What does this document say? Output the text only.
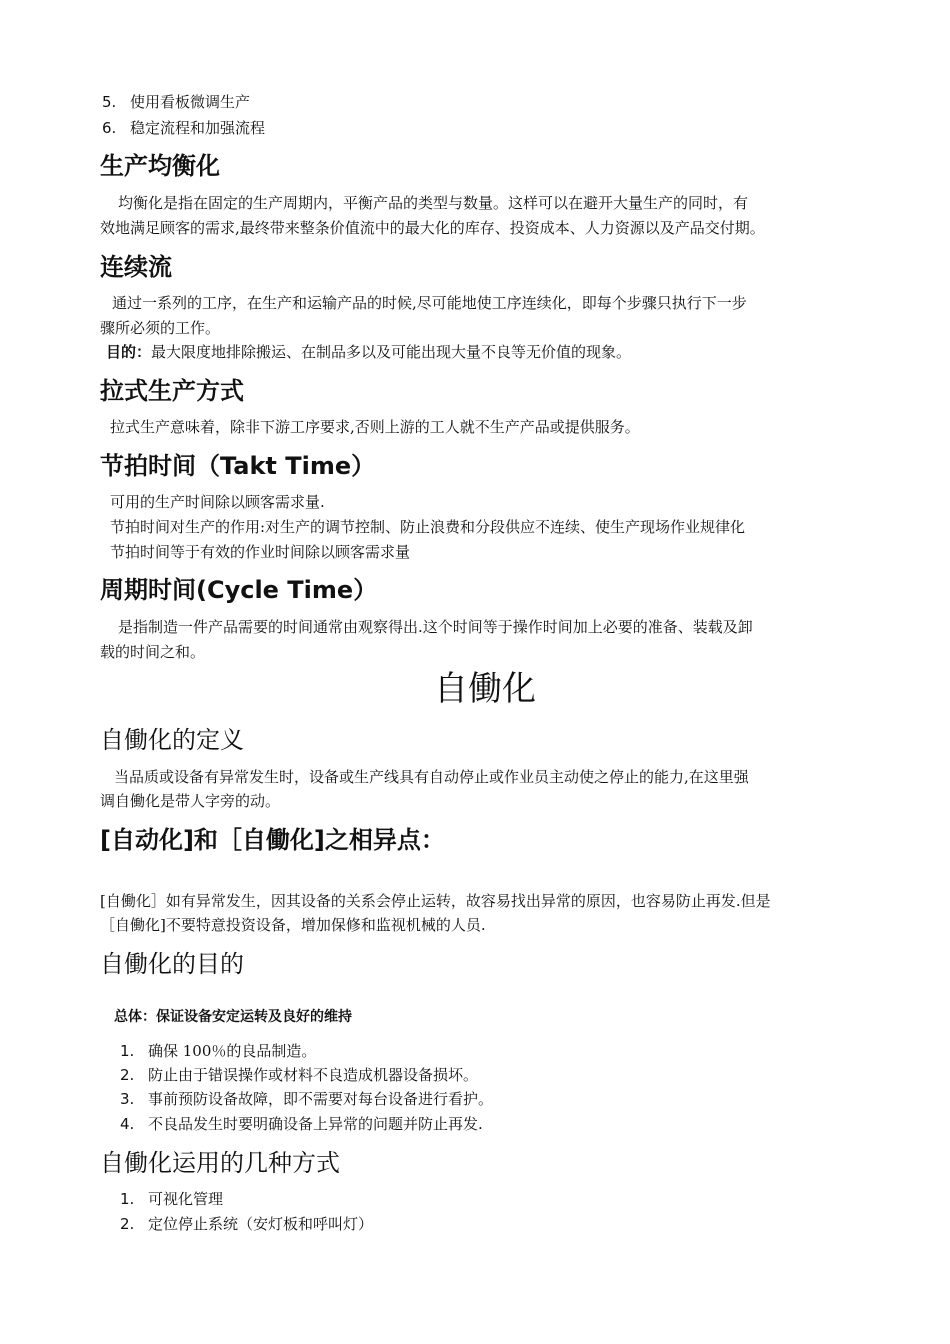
5. 使用看板微调生产
6. 稳定流程和加强流程
生产均衡化
均衡化是指在固定的生产周期内，平衡产品的类型与数量。这样可以在避开大量生产的同时，有
效地满足顾客的需求,最终带来整条价值流中的最大化的库存、投资成本、人力资源以及产品交付期。
连续流
通过一系列的工序，在生产和运输产品的时候,尽可能地使工序连续化，即每个步骤只执行下一步
骤所必须的工作。
目的：最大限度地排除搬运、在制品多以及可能出现大量不良等无价值的现象。
拉式生产方式
拉式生产意味着，除非下游工序要求,否则上游的工人就不生产产品或提供服务。
节拍时间（Takt Time）
可用的生产时间除以顾客需求量.
节拍时间对生产的作用:对生产的调节控制、防止浪费和分段供应不连续、使生产现场作业规律化
节拍时间等于有效的作业时间除以顾客需求量
周期时间(Cycle Time）
是指制造一件产品需要的时间通常由观察得出.这个时间等于操作时间加上必要的准备、装载及卸
载的时间之和。
自働化
自働化的定义
当品质或设备有异常发生时，设备或生产线具有自动停止或作业员主动使之停止的能力,在这里强
调自働化是带人字旁的动。
[自动化]和［自働化]之相异点：
[自働化］如有异常发生，因其设备的关系会停止运转，故容易找出异常的原因，也容易防止再发.但是
［自働化]不要特意投资设备，增加保修和监视机械的人员.
自働化的目的
总体：保证设备安定运转及良好的维持
1. 确保 100％的良品制造。
2. 防止由于错误操作或材料不良造成机器设备损坏。
3. 事前预防设备故障，即不需要对每台设备进行看护。
4. 不良品发生时要明确设备上异常的问题并防止再发.
自働化运用的几种方式
1. 可视化管理
2. 定位停止系统（安灯板和呼叫灯）
